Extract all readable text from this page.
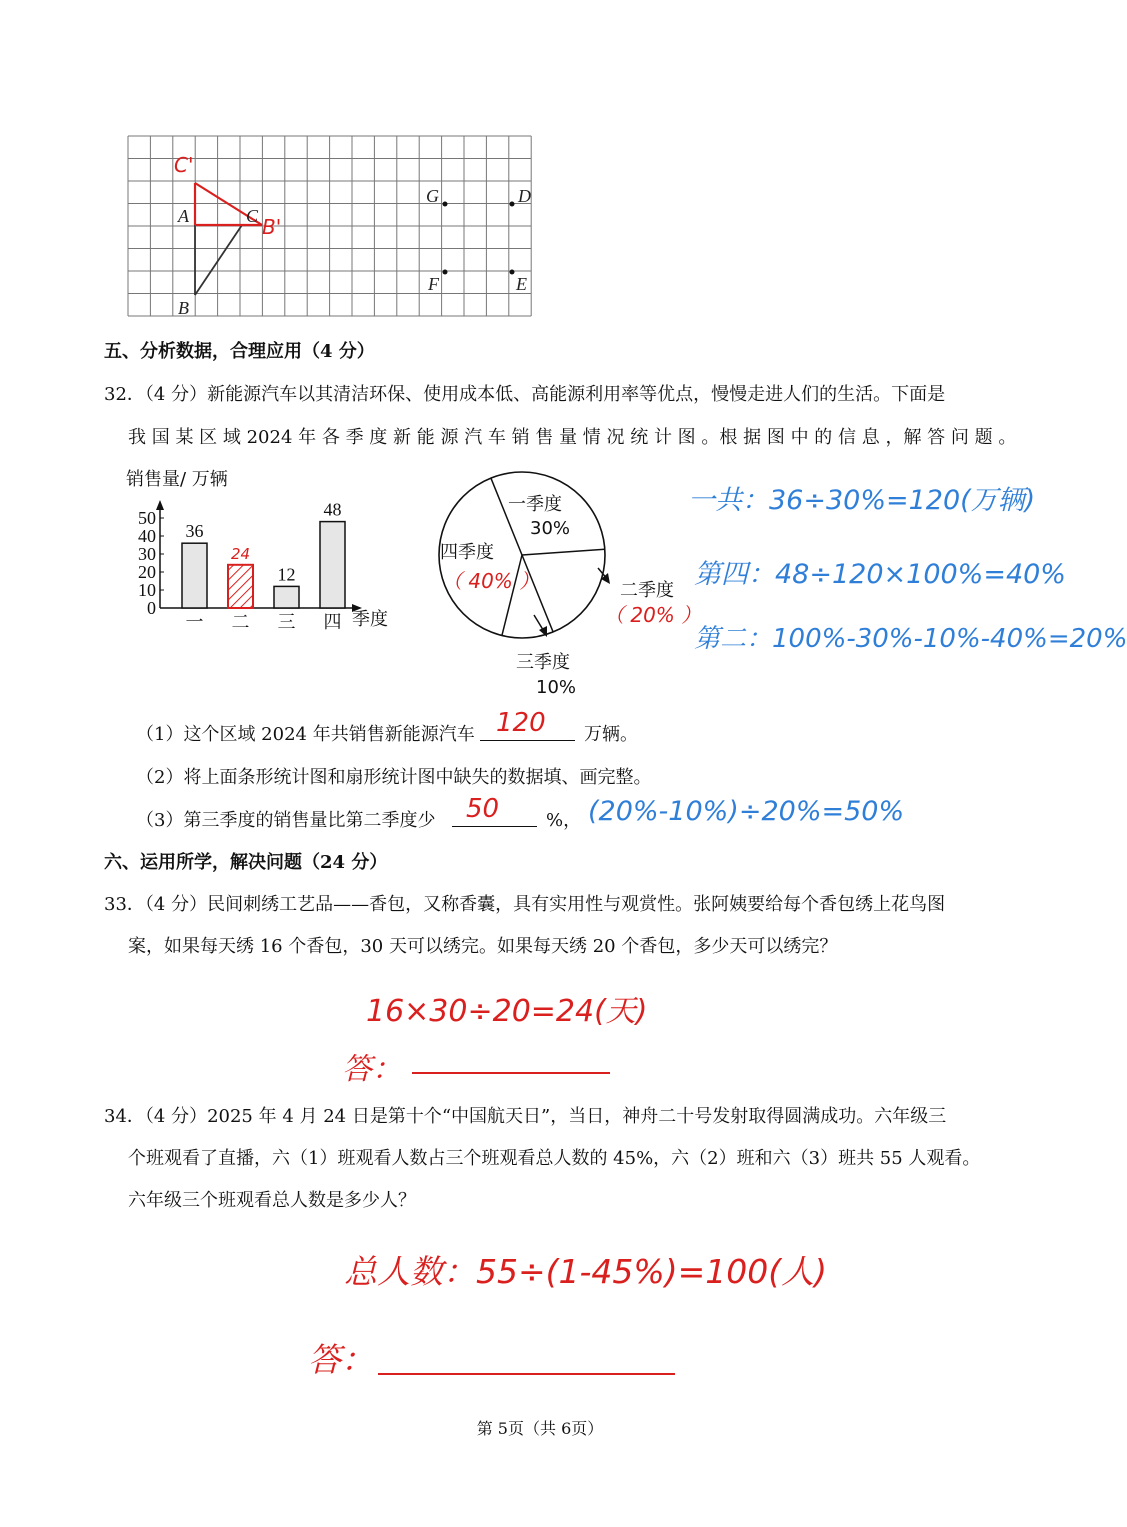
A
B
C
G	D
F	E
C'
B'
五、分析数据，合理应用（4 分）
32．（4 分）新能源汽车以其清洁环保、使用成本低、高能源利用率等优点，慢慢走进人们的生活。下面是
我 国 某 区 域 2024 年 各 季 度 新 能 源 汽 车 销 售 量 情 况 统 计 图 。根 据 图 中 的 信 息 ，解 答 问 题 。
销售量/ 万辆
0
10
20
30
40
50
36
一
24
二
12
三
48
四 季度
一季度
30%
二季度
三季度
10%
四季度
（ 40% ）
（ 20% ）
一共：36÷30%=120(万辆)
第四：48÷120×100%=40%
第二：100%-30%-10%-40%=20%
（1）这个区域 2024 年共销售新能源汽车 120 万辆。
（2）将上面条形统计图和扇形统计图中缺失的数据填、画完整。
（3）第三季度的销售量比第二季度少 50	%， (20%-10%)÷20%=50%
六、运用所学，解决问题（24 分）
33．（4 分）民间刺绣工艺品——香包，又称香囊，具有实用性与观赏性。张阿姨要给每个香包绣上花鸟图
案，如果每天绣 16 个香包，30 天可以绣完。如果每天绣 20 个香包，多少天可以绣完？
16×30÷20=24(天)
答：
34．（4 分）2025 年 4 月 24 日是第十个“中国航天日”，当日，神舟二十号发射取得圆满成功。六年级三
个班观看了直播，六（1）班观看人数占三个班观看总人数的 45%，六（2）班和六（3）班共 55 人观看。
六年级三个班观看总人数是多少人？
总人数：55÷(1-45%)=100(人)
答：
第 5页（共 6页）
